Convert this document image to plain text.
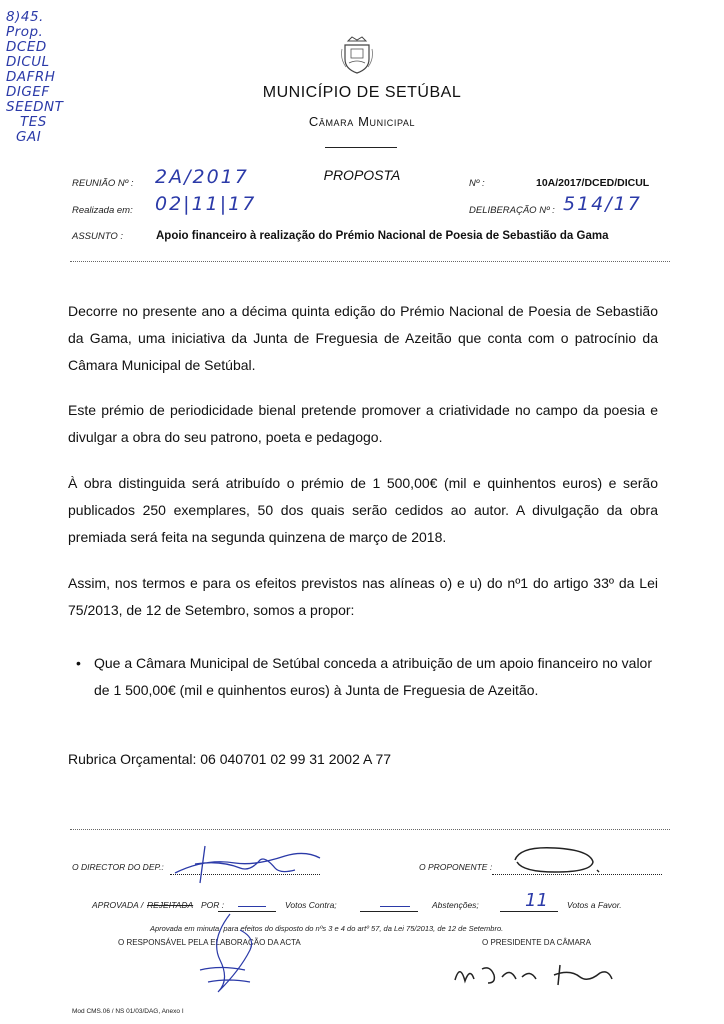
8)45.
Prop.
DCED
DICUL
DAFRH
DIGEF
SEEDNT
TES
GAI
MUNICÍPIO DE SETÚBAL
Câmara Municipal
REUNIÃO Nº : 2A/2017	PROPOSTA
Nº :	10A/2017/DCED/DICUL
Realizada em: 02|11|17	DELIBERAÇÃO Nº : 514/17
ASSUNTO :	Apoio financeiro à realização do Prémio Nacional de Poesia de Sebastião da Gama
Decorre no presente ano a décima quinta edição do Prémio Nacional de Poesia de Sebastião da Gama, uma iniciativa da Junta de Freguesia de Azeitão que conta com o patrocínio da Câmara Municipal de Setúbal.
Este prémio de periodicidade bienal pretende promover a criatividade no campo da poesia e divulgar a obra do seu patrono, poeta e pedagogo.
À obra distinguida será atribuído o prémio de 1 500,00€ (mil e quinhentos euros) e serão publicados 250 exemplares, 50 dos quais serão cedidos ao autor. A divulgação da obra premiada será feita na segunda quinzena de março de 2018.
Assim, nos termos e para os efeitos previstos nas alíneas o) e u) do nº1 do artigo 33º da Lei 75/2013, de 12 de Setembro, somos a propor:
• Que a Câmara Municipal de Setúbal conceda a atribuição de um apoio financeiro no valor de 1 500,00€ (mil e quinhentos euros) à Junta de Freguesia de Azeitão.
Rubrica Orçamental: 06 040701 02 99 31 2002 A 77
O DIRECTOR DO DEP.:	O PROPONENTE :
APROVADA / REJEITADA POR :	Votos Contra;	Abstenções;	11 Votos a Favor.
Aprovada em minuta, para efeitos do disposto do nºs 3 e 4 do artº 57, da Lei 75/2013, de 12 de Setembro.
O RESPONSÁVEL PELA ELABORAÇÃO DA ACTA	O PRESIDENTE DA CÂMARA
Mod CMS.06 / NS 01/03/DAG, Anexo I
